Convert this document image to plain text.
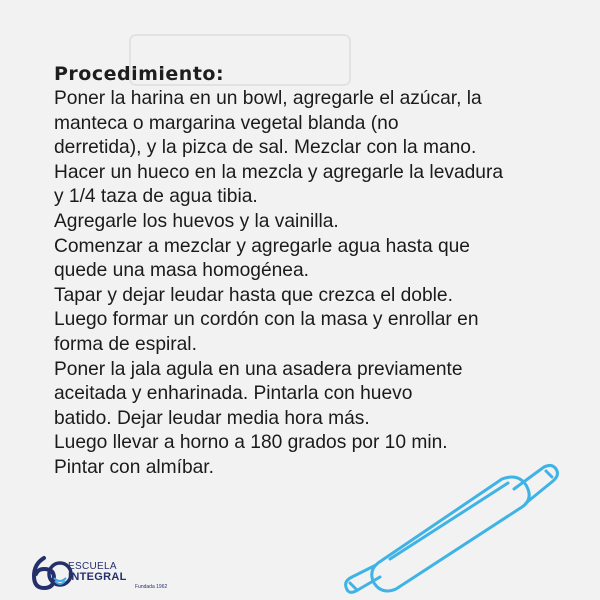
Procedimiento:
Poner la harina en un bowl, agregarle el azúcar, la
manteca o margarina vegetal blanda (no
derretida), y la pizca de sal. Mezclar con la mano.
Hacer un hueco en la mezcla y agregarle la levadura
y 1/4 taza de agua tibia.
Agregarle los huevos y la vainilla.
Comenzar a mezclar y agregarle agua hasta que
quede una masa homogénea.
Tapar y dejar leudar hasta que crezca el doble.
Luego formar un cordón con la masa y enrollar en
forma de espiral.
Poner la jala agula en una asadera previamente
aceitada y enharinada. Pintarla con huevo
batido. Dejar leudar media hora más.
Luego llevar a horno a 180 grados por 10 min.
Pintar con almíbar.
ESCUELA
INTEGRAL
Fundada 1962
